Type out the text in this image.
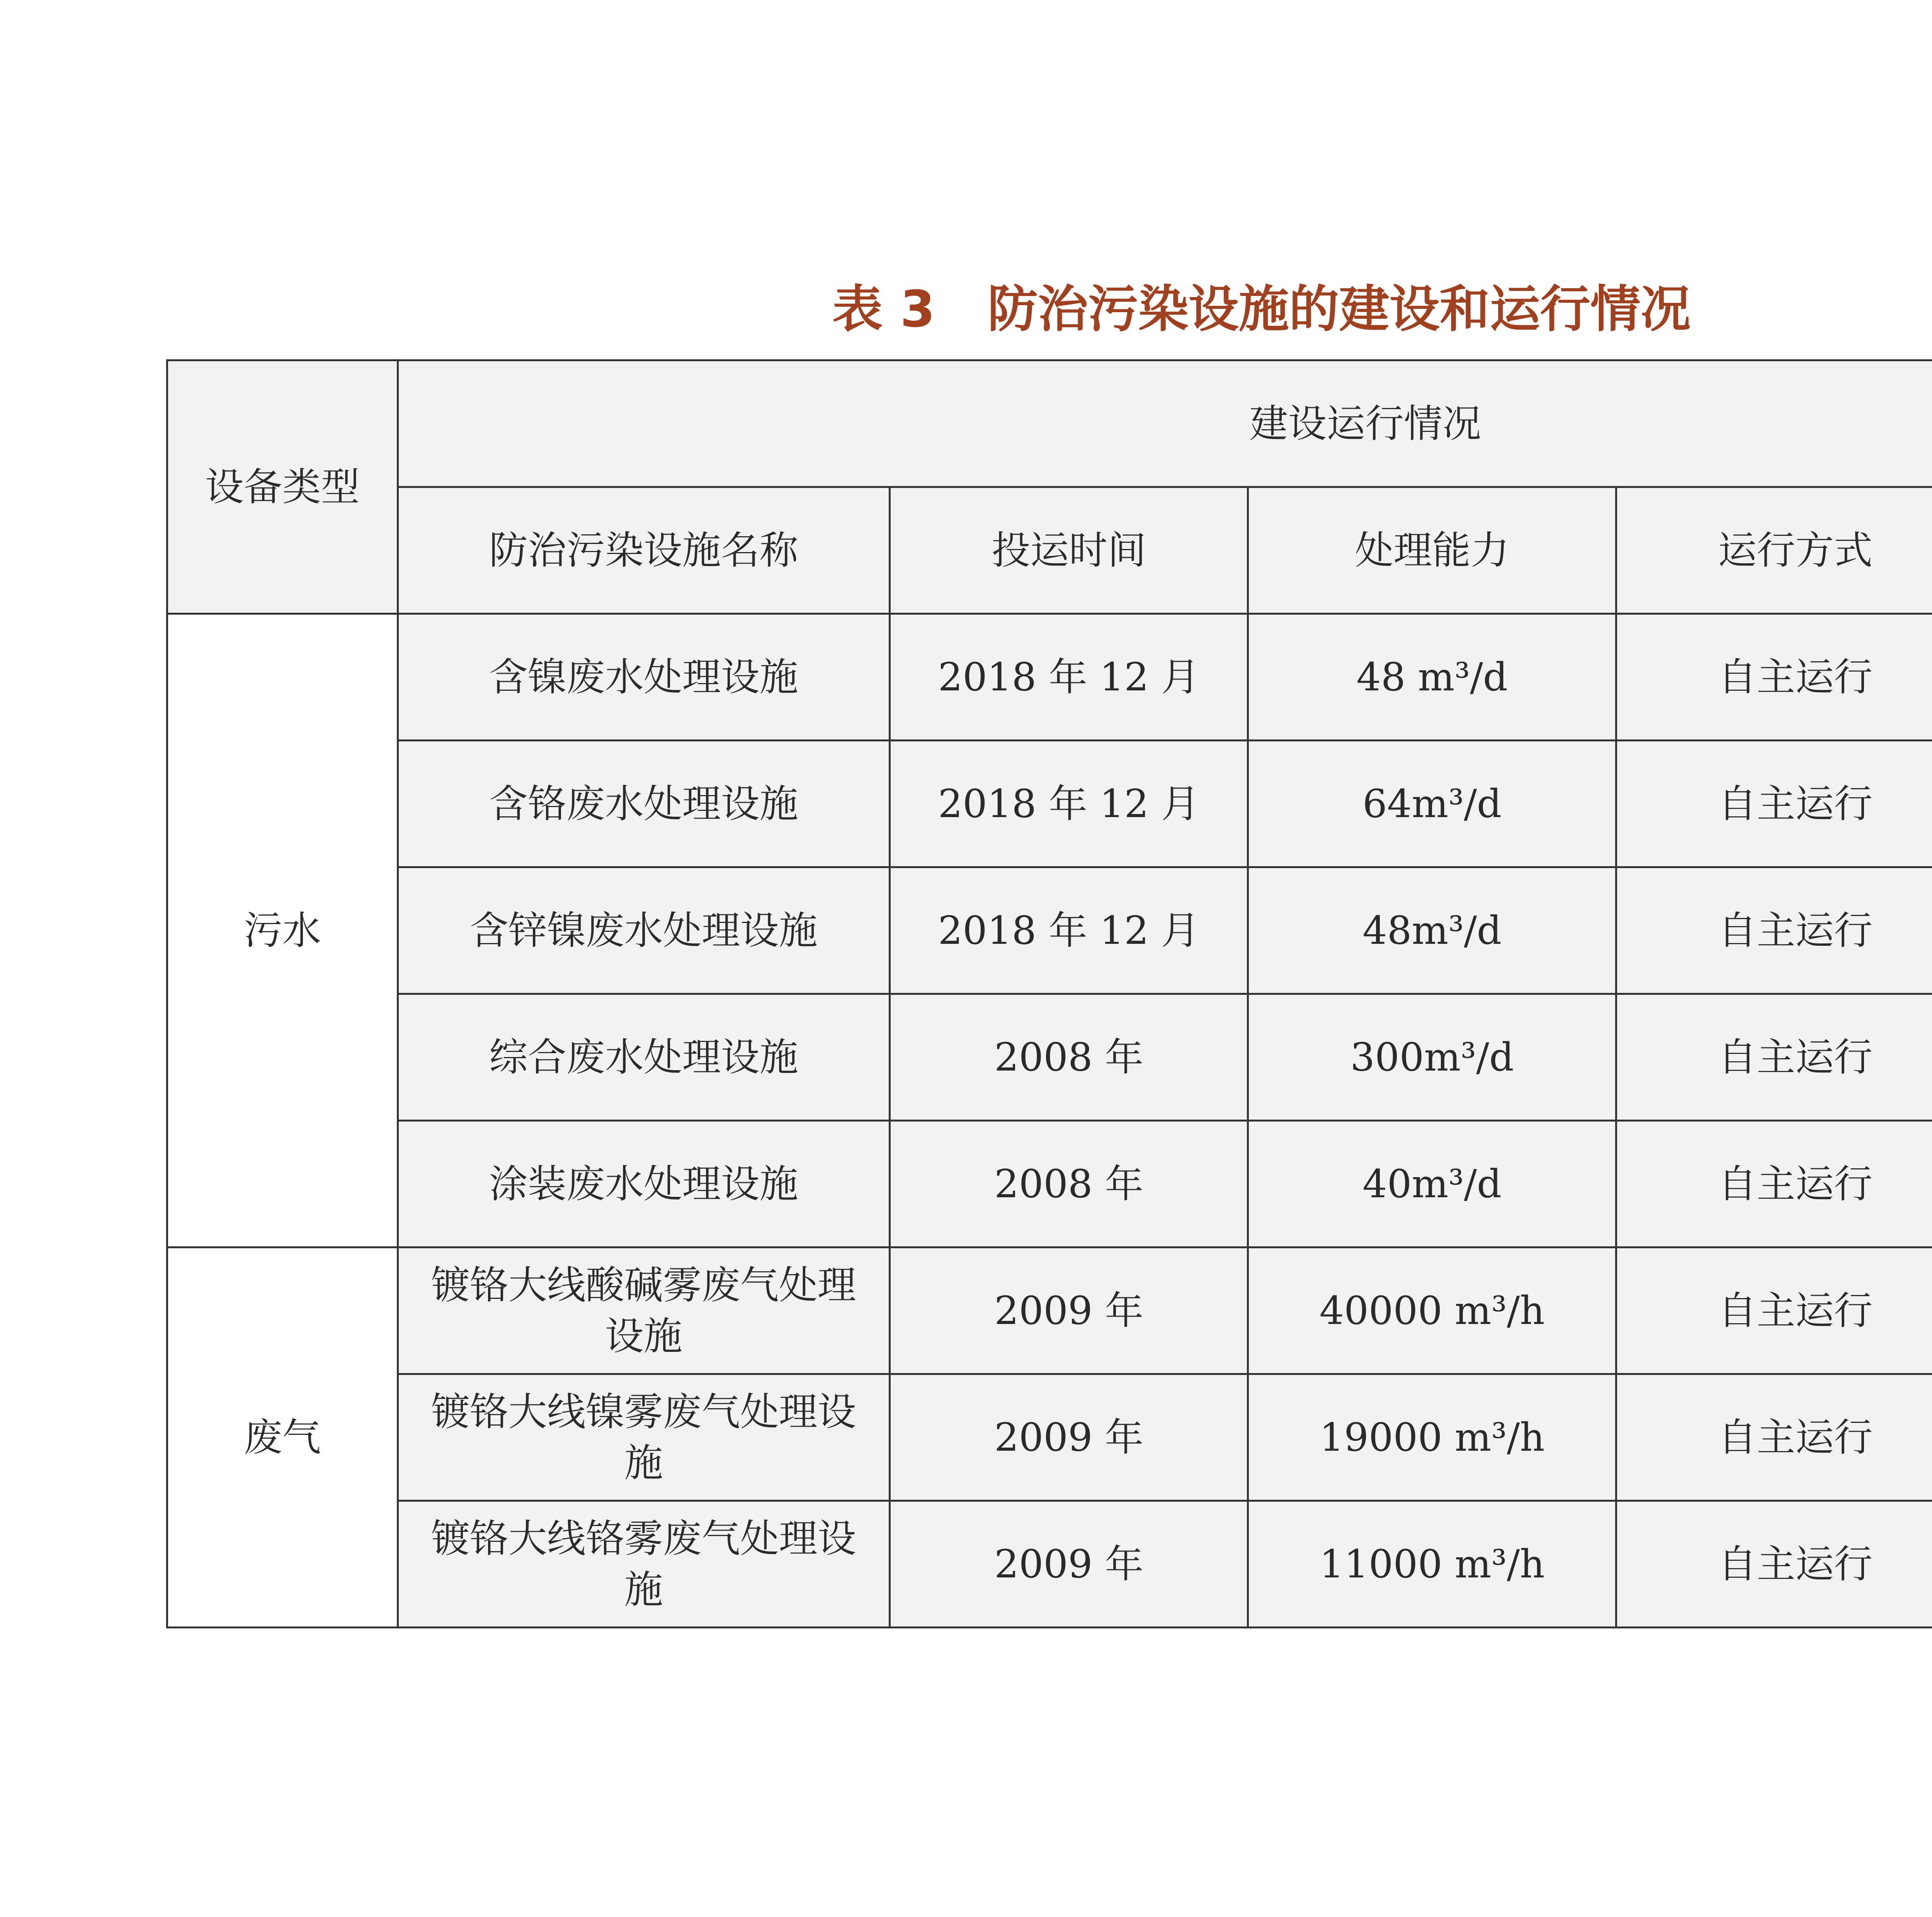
表 3   防治污染设施的建设和运行情况
设备类型	建设运行情况				
	防治污染设施名称	投运时间	处理能力	运行方式	
污水	含镍废水处理设施	2018 年 12 月	48 m³/d	自主运行	
	含铬废水处理设施	2018 年 12 月	64m³/d	自主运行	
	含锌镍废水处理设施	2018 年 12 月	48m³/d	自主运行	
	综合废水处理设施	2008 年	300m³/d	自主运行	
	涂装废水处理设施	2008 年	40m³/d	自主运行	
废气	镀铬大线酸碱雾废气处理设施	2009 年	40000 m³/h	自主运行	
	镀铬大线镍雾废气处理设施	2009 年	19000 m³/h	自主运行	
	镀铬大线铬雾废气处理设施	2009 年	11000 m³/h	自主运行	
